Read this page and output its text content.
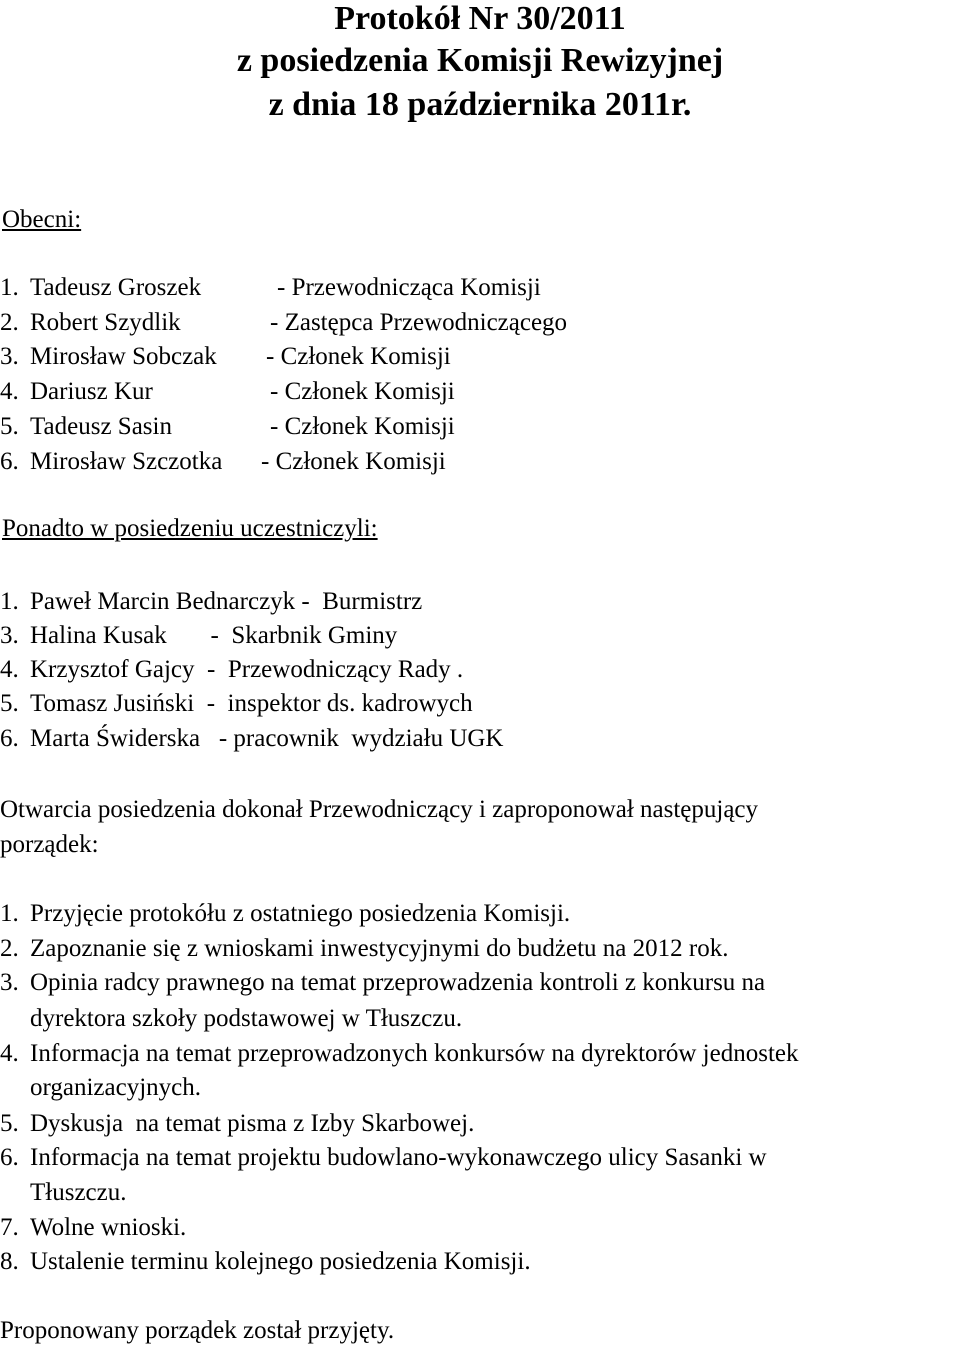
Protokół Nr 30/2011
z posiedzenia Komisji Rewizyjnej
z dnia 18 października 2011r.
Obecni:
1. Tadeusz Groszek	- Przewodnicząca Komisji
2. Robert Szydlik	- Zastępca Przewodniczącego
3. Mirosław Sobczak - Członek Komisji
4. Dariusz Kur	- Członek Komisji
5. Tadeusz Sasin	- Członek Komisji
6. Mirosław Szczotka - Członek Komisji
Ponadto w posiedzeniu uczestniczyli:
1. Paweł Marcin Bednarczyk -  Burmistrz
3. Halina Kusak       -  Skarbnik Gminy
4. Krzysztof Gajcy  -  Przewodniczący Rady .
5. Tomasz Jusiński  -  inspektor ds. kadrowych
6. Marta Świderska   - pracownik  wydziału UGK
Otwarcia posiedzenia dokonał Przewodniczący i zaproponował następujący
porządek:
1. Przyjęcie protokółu z ostatniego posiedzenia Komisji.
2. Zapoznanie się z wnioskami inwestycyjnymi do budżetu na 2012 rok.
3. Opinia radcy prawnego na temat przeprowadzenia kontroli z konkursu na
dyrektora szkoły podstawowej w Tłuszczu.
4. Informacja na temat przeprowadzonych konkursów na dyrektorów jednostek
organizacyjnych.
5. Dyskusja  na temat pisma z Izby Skarbowej.
6. Informacja na temat projektu budowlano-wykonawczego ulicy Sasanki w
Tłuszczu.
7. Wolne wnioski.
8. Ustalenie terminu kolejnego posiedzenia Komisji.
Proponowany porządek został przyjęty.
